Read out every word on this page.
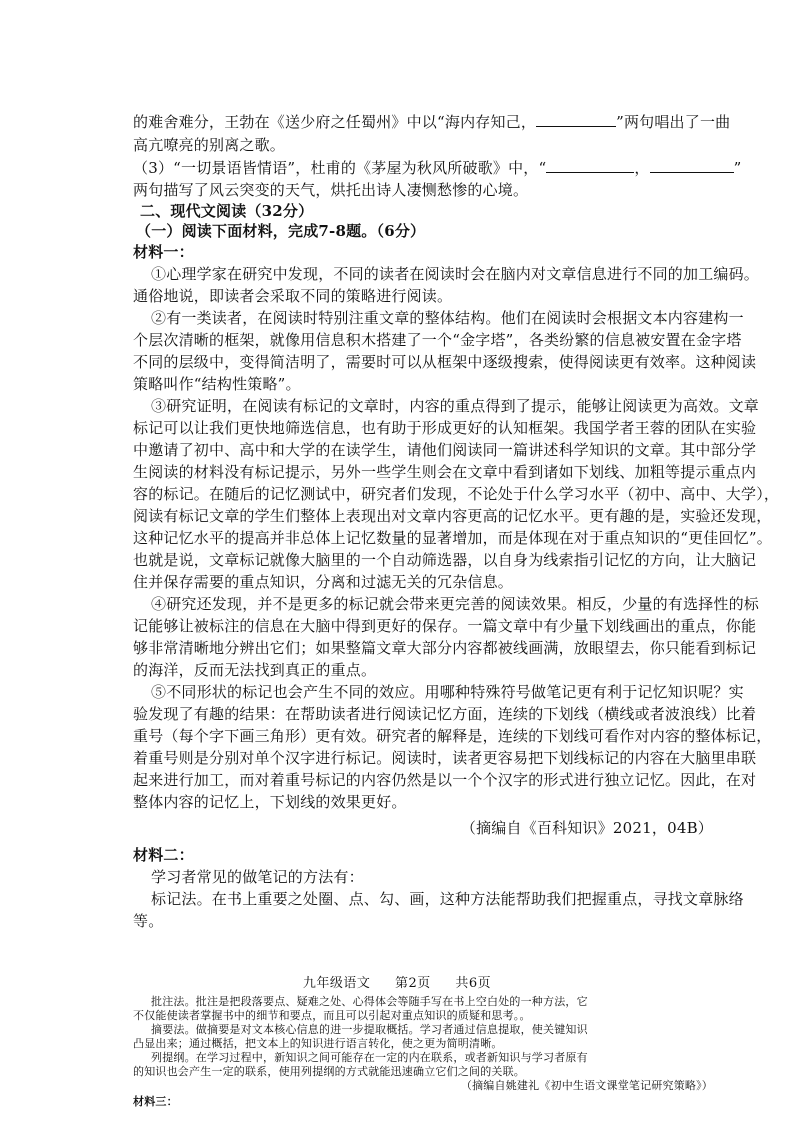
的难舍难分，王勃在《送少府之任蜀州》中以“海内存知己，	”两句唱出了一曲
高亢嘹亮的别离之歌。
（3）“一切景语皆情语”，杜甫的《茅屋为秋风所破歌》中，“	，	”
两句描写了风云突变的天气，烘托出诗人凄恻愁惨的心境。
二、现代文阅读（32分）
（一）阅读下面材料，完成7-8题。（6分）
材料一：
①心理学家在研究中发现，不同的读者在阅读时会在脑内对文章信息进行不同的加工编码。
通俗地说，即读者会采取不同的策略进行阅读。
②有一类读者，在阅读时特别注重文章的整体结构。他们在阅读时会根据文本内容建构一
个层次清晰的框架，就像用信息积木搭建了一个“金字塔”，各类纷繁的信息被安置在金字塔
不同的层级中，变得简洁明了，需要时可以从框架中逐级搜索，使得阅读更有效率。这种阅读
策略叫作“结构性策略”。
③研究证明，在阅读有标记的文章时，内容的重点得到了提示，能够让阅读更为高效。文章
标记可以让我们更快地筛选信息，也有助于形成更好的认知框架。我国学者王蓉的团队在实验
中邀请了初中、高中和大学的在读学生，请他们阅读同一篇讲述科学知识的文章。其中部分学
生阅读的材料没有标记提示，另外一些学生则会在文章中看到诸如下划线、加粗等提示重点内
容的标记。在随后的记忆测试中，研究者们发现，不论处于什么学习水平（初中、高中、大学），
阅读有标记文章的学生们整体上表现出对文章内容更高的记忆水平。更有趣的是，实验还发现，
这种记忆水平的提高并非总体上记忆数量的显著增加，而是体现在对于重点知识的“更佳回忆”。
也就是说，文章标记就像大脑里的一个自动筛选器，以自身为线索指引记忆的方向，让大脑记
住并保存需要的重点知识，分离和过滤无关的冗杂信息。
④研究还发现，并不是更多的标记就会带来更完善的阅读效果。相反，少量的有选择性的标
记能够让被标注的信息在大脑中得到更好的保存。一篇文章中有少量下划线画出的重点，你能
够非常清晰地分辨出它们；如果整篇文章大部分内容都被线画满，放眼望去，你只能看到标记
的海洋，反而无法找到真正的重点。
⑤不同形状的标记也会产生不同的效应。用哪种特殊符号做笔记更有利于记忆知识呢？实
验发现了有趣的结果：在帮助读者进行阅读记忆方面，连续的下划线（横线或者波浪线）比着
重号（每个字下画三角形）更有效。研究者的解释是，连续的下划线可看作对内容的整体标记，
着重号则是分别对单个汉字进行标记。阅读时，读者更容易把下划线标记的内容在大脑里串联
起来进行加工，而对着重号标记的内容仍然是以一个个汉字的形式进行独立记忆。因此，在对
整体内容的记忆上，下划线的效果更好。
（摘编自《百科知识》2021，04B）
材料二：
学习者常见的做笔记的方法有：
标记法。在书上重要之处圈、点、勾、画，这种方法能帮助我们把握重点，寻找文章脉络
等。
九年级语文 第2页 共6页
批注法。批注是把段落要点、疑难之处、心得体会等随手写在书上空白处的一种方法，它
不仅能使读者掌握书中的细节和要点，而且可以引起对重点知识的质疑和思考。。
摘要法。做摘要是对文本核心信息的进一步提取概括。学习者通过信息提取，使关键知识
凸显出来；通过概括，把文本上的知识进行语言转化，使之更为简明清晰。
列提纲。在学习过程中，新知识之间可能存在一定的内在联系，或者新知识与学习者原有
的知识也会产生一定的联系，使用列提纲的方式就能迅速确立它们之间的关联。
（摘编自姚建礼《初中生语文课堂笔记研究策略》）
材料三：
